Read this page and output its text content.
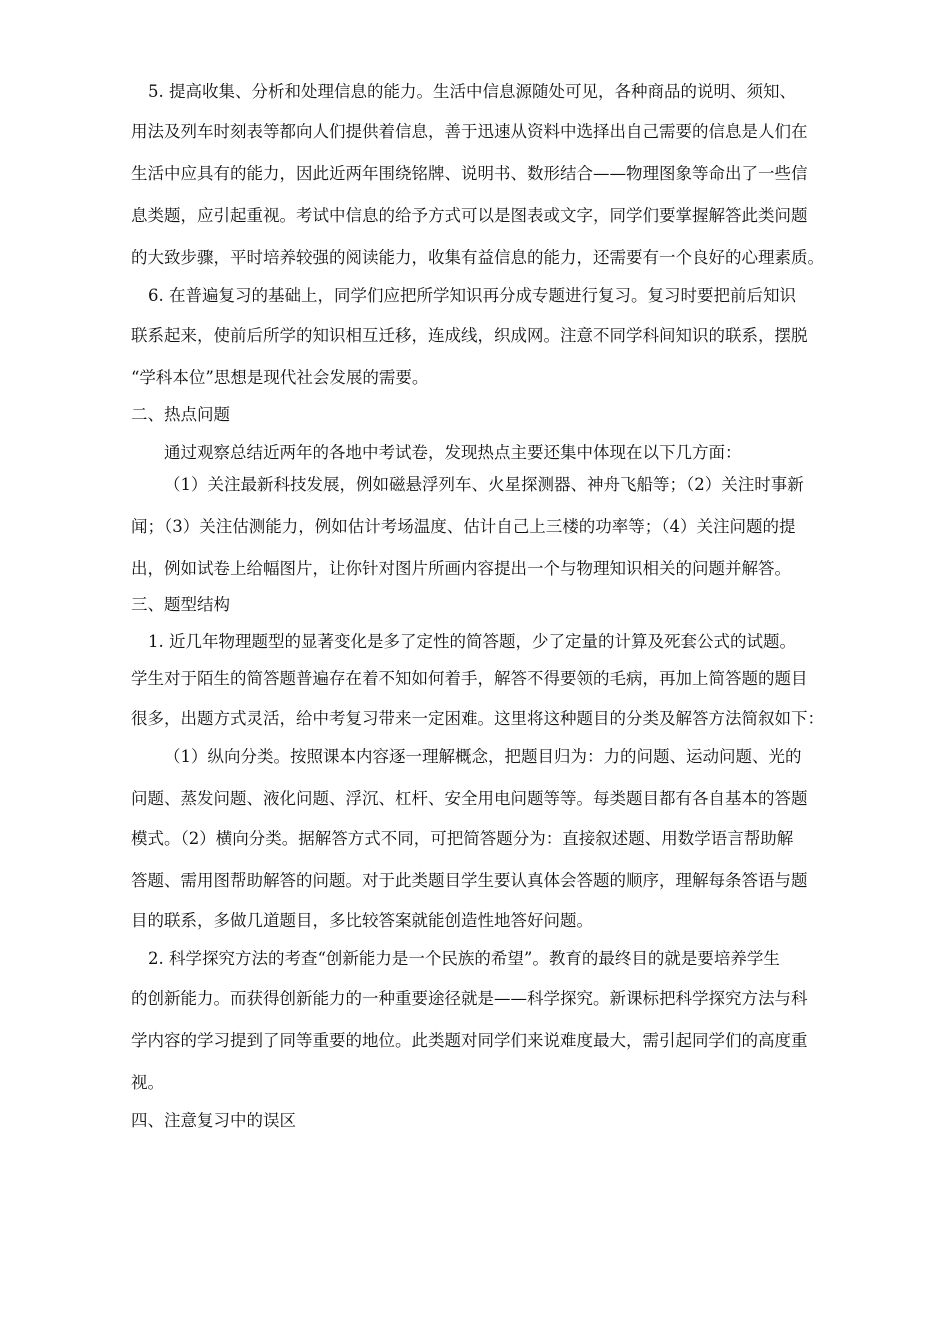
5. 提高收集、分析和处理信息的能力。生活中信息源随处可见，各种商品的说明、须知、
用法及列车时刻表等都向人们提供着信息，善于迅速从资料中选择出自己需要的信息是人们在
生活中应具有的能力，因此近两年围绕铭牌、说明书、数形结合——物理图象等命出了一些信
息类题，应引起重视。考试中信息的给予方式可以是图表或文字，同学们要掌握解答此类问题
的大致步骤，平时培养较强的阅读能力，收集有益信息的能力，还需要有一个良好的心理素质。
6. 在普遍复习的基础上，同学们应把所学知识再分成专题进行复习。复习时要把前后知识
联系起来，使前后所学的知识相互迁移，连成线，织成网。注意不同学科间知识的联系，摆脱
“学科本位”思想是现代社会发展的需要。
二、热点问题
通过观察总结近两年的各地中考试卷，发现热点主要还集中体现在以下几方面：
（1）关注最新科技发展，例如磁悬浮列车、火星探测器、神舟飞船等；（2）关注时事新
闻；（3）关注估测能力，例如估计考场温度、估计自己上三楼的功率等；（4）关注问题的提
出，例如试卷上给幅图片，让你针对图片所画内容提出一个与物理知识相关的问题并解答。
三、题型结构
1. 近几年物理题型的显著变化是多了定性的简答题，少了定量的计算及死套公式的试题。
学生对于陌生的简答题普遍存在着不知如何着手，解答不得要领的毛病，再加上简答题的题目
很多，出题方式灵活，给中考复习带来一定困难。这里将这种题目的分类及解答方法简叙如下：
（1）纵向分类。按照课本内容逐一理解概念，把题目归为：力的问题、运动问题、光的
问题、蒸发问题、液化问题、浮沉、杠杆、安全用电问题等等。每类题目都有各自基本的答题
模式。（2）横向分类。据解答方式不同，可把简答题分为：直接叙述题、用数学语言帮助解
答题、需用图帮助解答的问题。对于此类题目学生要认真体会答题的顺序，理解每条答语与题
目的联系，多做几道题目，多比较答案就能创造性地答好问题。
2. 科学探究方法的考查“创新能力是一个民族的希望”。教育的最终目的就是要培养学生
的创新能力。而获得创新能力的一种重要途径就是——科学探究。新课标把科学探究方法与科
学内容的学习提到了同等重要的地位。此类题对同学们来说难度最大，需引起同学们的高度重
视。
四、注意复习中的误区
